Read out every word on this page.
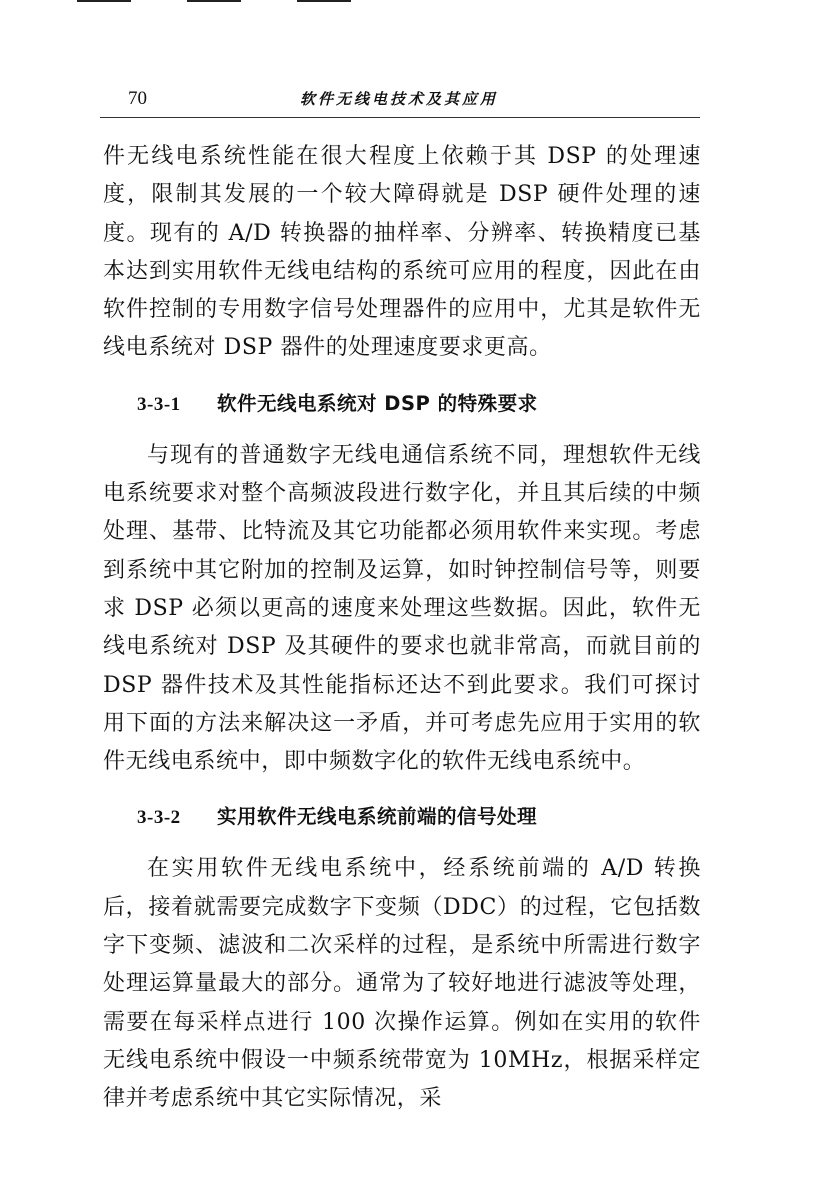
70	软件无线电技术及其应用

件无线电系统性能在很大程度上依赖于其 DSP 的处理速度，限制其发展的一个较大障碍就是 DSP 硬件处理的速度。现有的 A/D 转换器的抽样率、分辨率、转换精度已基本达到实用软件无线电结构的系统可应用的程度，因此在由软件控制的专用数字信号处理器件的应用中，尤其是软件无线电系统对 DSP 器件的处理速度要求更高。

3-3-1 软件无线电系统对 DSP 的特殊要求

与现有的普通数字无线电通信系统不同，理想软件无线电系统要求对整个高频波段进行数字化，并且其后续的中频处理、基带、比特流及其它功能都必须用软件来实现。考虑到系统中其它附加的控制及运算，如时钟控制信号等，则要求 DSP 必须以更高的速度来处理这些数据。因此，软件无线电系统对 DSP 及其硬件的要求也就非常高，而就目前的 DSP 器件技术及其性能指标还达不到此要求。我们可探讨用下面的方法来解决这一矛盾，并可考虑先应用于实用的软件无线电系统中，即中频数字化的软件无线电系统中。

3-3-2 实用软件无线电系统前端的信号处理

在实用软件无线电系统中，经系统前端的 A/D 转换后，接着就需要完成数字下变频（DDC）的过程，它包括数字下变频、滤波和二次采样的过程，是系统中所需进行数字处理运算量最大的部分。通常为了较好地进行滤波等处理，需要在每采样点进行 100 次操作运算。例如在实用的软件无线电系统中假设一中频系统带宽为 10MHz，根据采样定律并考虑系统中其它实际情况，采
